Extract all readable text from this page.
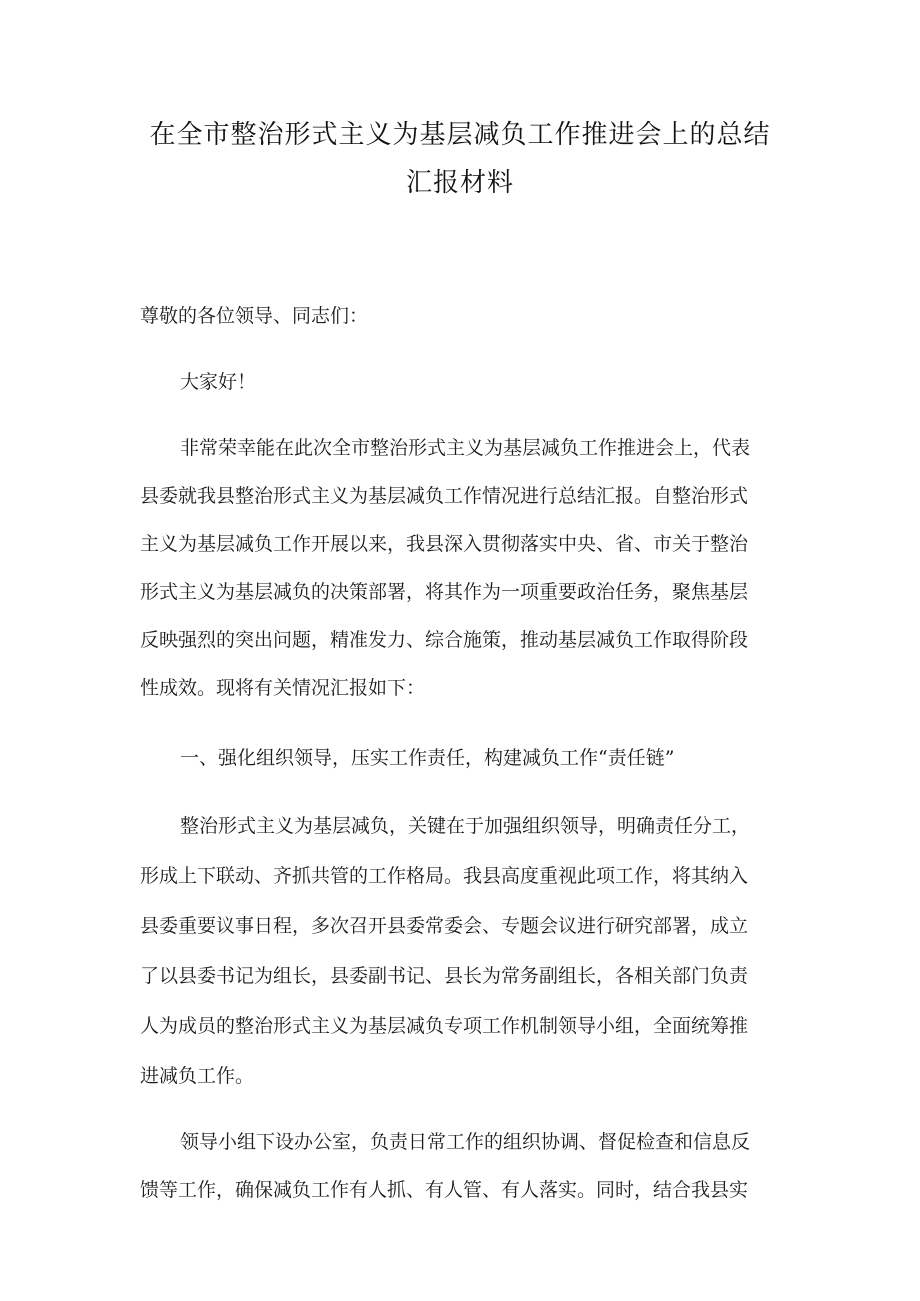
在全市整治形式主义为基层减负工作推进会上的总结
汇报材料

尊敬的各位领导、同志们：

大家好！

非常荣幸能在此次全市整治形式主义为基层减负工作推进会上，代表

县委就我县整治形式主义为基层减负工作情况进行总结汇报。自整治形式

主义为基层减负工作开展以来，我县深入贯彻落实中央、省、市关于整治

形式主义为基层减负的决策部署，将其作为一项重要政治任务，聚焦基层

反映强烈的突出问题，精准发力、综合施策，推动基层减负工作取得阶段

性成效。现将有关情况汇报如下：

一、强化组织领导，压实工作责任，构建减负工作“责任链”

整治形式主义为基层减负，关键在于加强组织领导，明确责任分工，

形成上下联动、齐抓共管的工作格局。我县高度重视此项工作，将其纳入

县委重要议事日程，多次召开县委常委会、专题会议进行研究部署，成立

了以县委书记为组长，县委副书记、县长为常务副组长，各相关部门负责

人为成员的整治形式主义为基层减负专项工作机制领导小组，全面统筹推

进减负工作。

领导小组下设办公室，负责日常工作的组织协调、督促检查和信息反

馈等工作，确保减负工作有人抓、有人管、有人落实。同时，结合我县实
